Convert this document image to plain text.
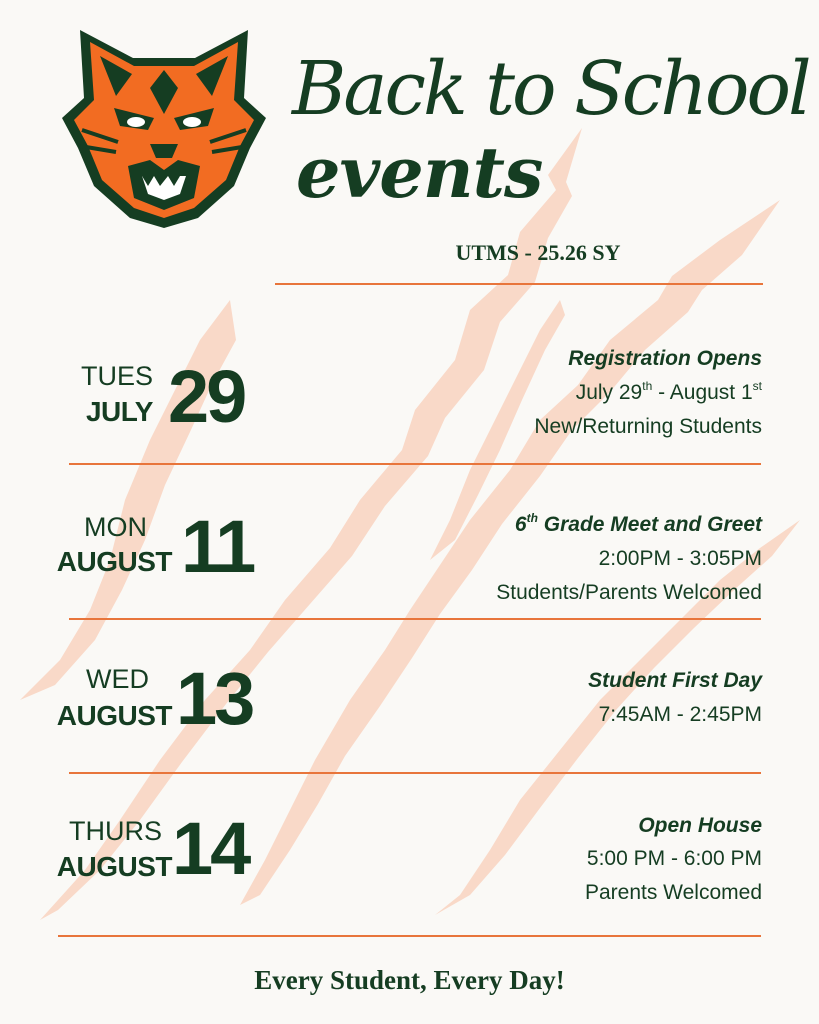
Back to School
events
UTMS - 25.26 SY
TUES
JULY 29	Registration Opens
July 29th - August 1st
New/Returning Students
MON
AUGUST 11	6th Grade Meet and Greet
2:00PM - 3:05PM
Students/Parents Welcomed
WED
AUGUST 13	Student First Day
7:45AM - 2:45PM
THURS
AUGUST 14	Open House
5:00 PM - 6:00 PM
Parents Welcomed
Every Student, Every Day!
